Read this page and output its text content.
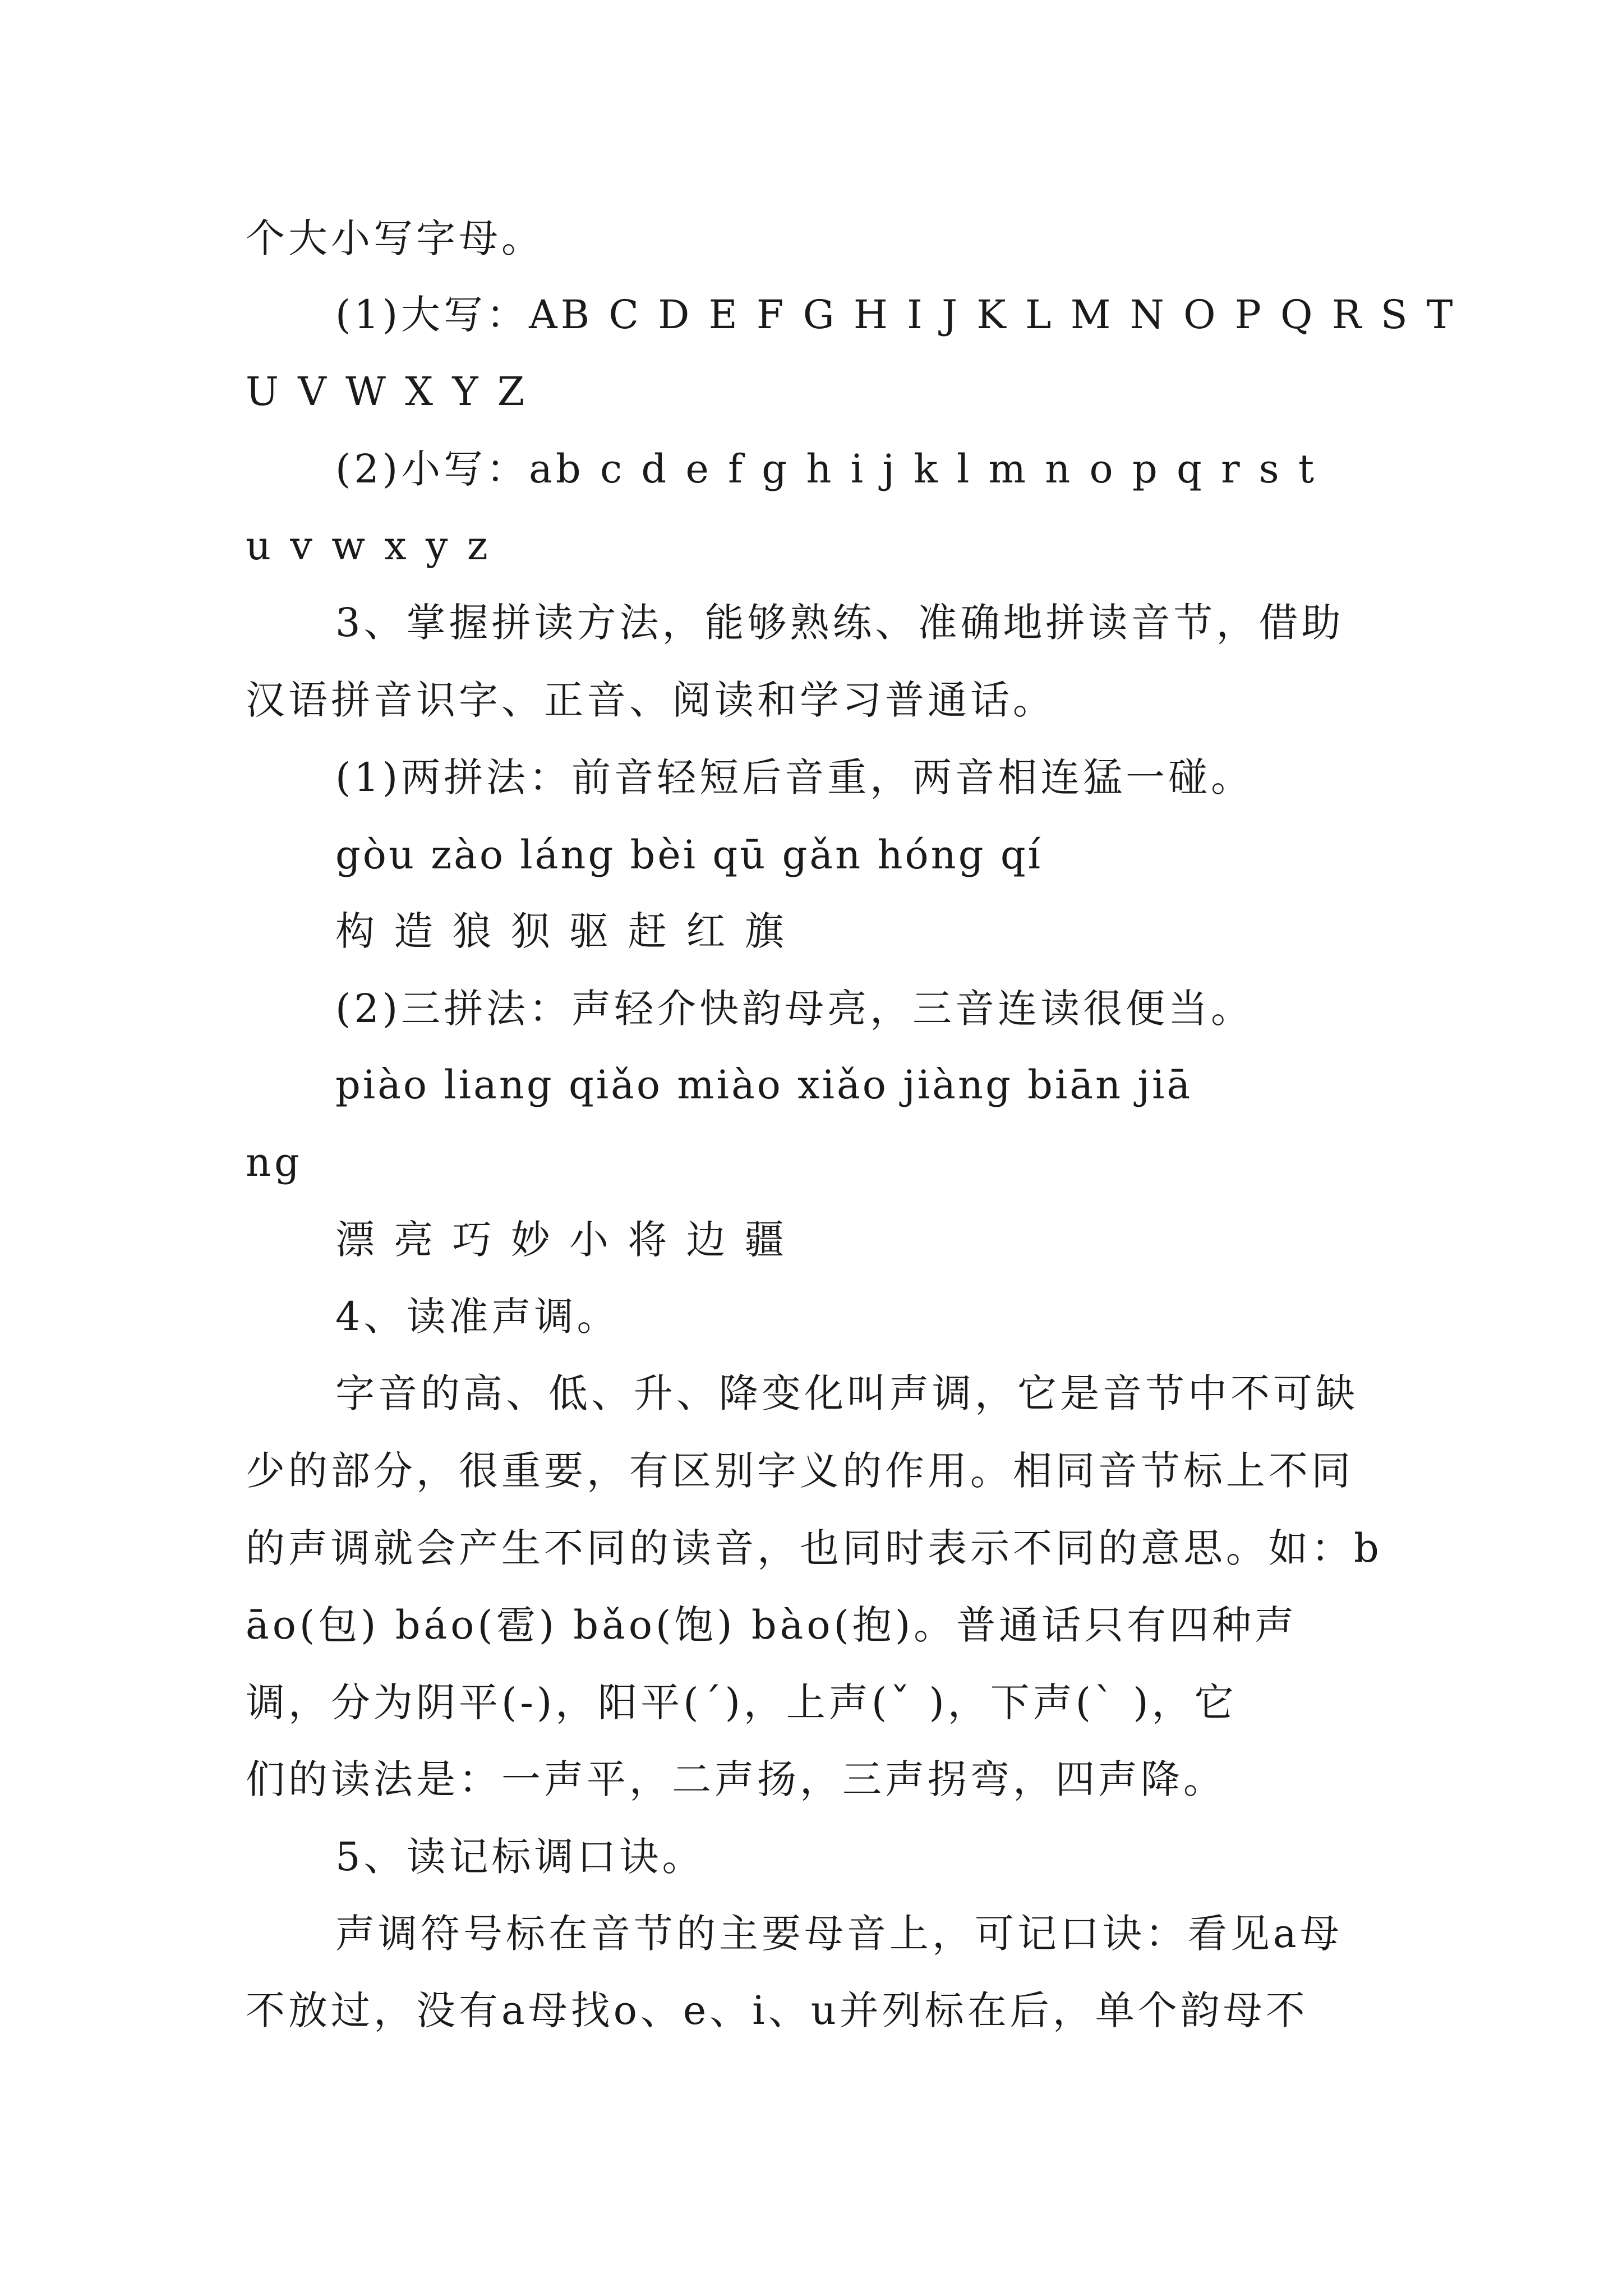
个大小写字母。
(1)大写：AB C D E F G H I J K L M N O P Q R S T
U V W X Y Z
(2)小写：ab c d e f g h i j k l m n o p q r s t
u v w x y z
3、掌握拼读方法，能够熟练、准确地拼读音节，借助
汉语拼音识字、正音、阅读和学习普通话。
(1)两拼法：前音轻短后音重，两音相连猛一碰。
gòu zào láng bèi qū gǎn hóng qí
构 造 狼 狈 驱 赶 红 旗
(2)三拼法：声轻介快韵母亮，三音连读很便当。
piào liang qiǎo miào xiǎo jiàng biān jiā
ng
漂 亮 巧 妙 小 将 边 疆
4、读准声调。
字音的高、低、升、降变化叫声调，它是音节中不可缺
少的部分，很重要，有区别字义的作用。相同音节标上不同
的声调就会产生不同的读音，也同时表示不同的意思。如：b
āo(包) báo(雹) bǎo(饱) bào(抱)。普通话只有四种声
调，分为阴平(-)，阳平(ˊ)，上声(ˇ )，下声(ˋ )，它
们的读法是：一声平，二声扬，三声拐弯，四声降。
5、读记标调口诀。
声调符号标在音节的主要母音上，可记口诀：看见a母
不放过，没有a母找o、e、i、u并列标在后，单个韵母不
